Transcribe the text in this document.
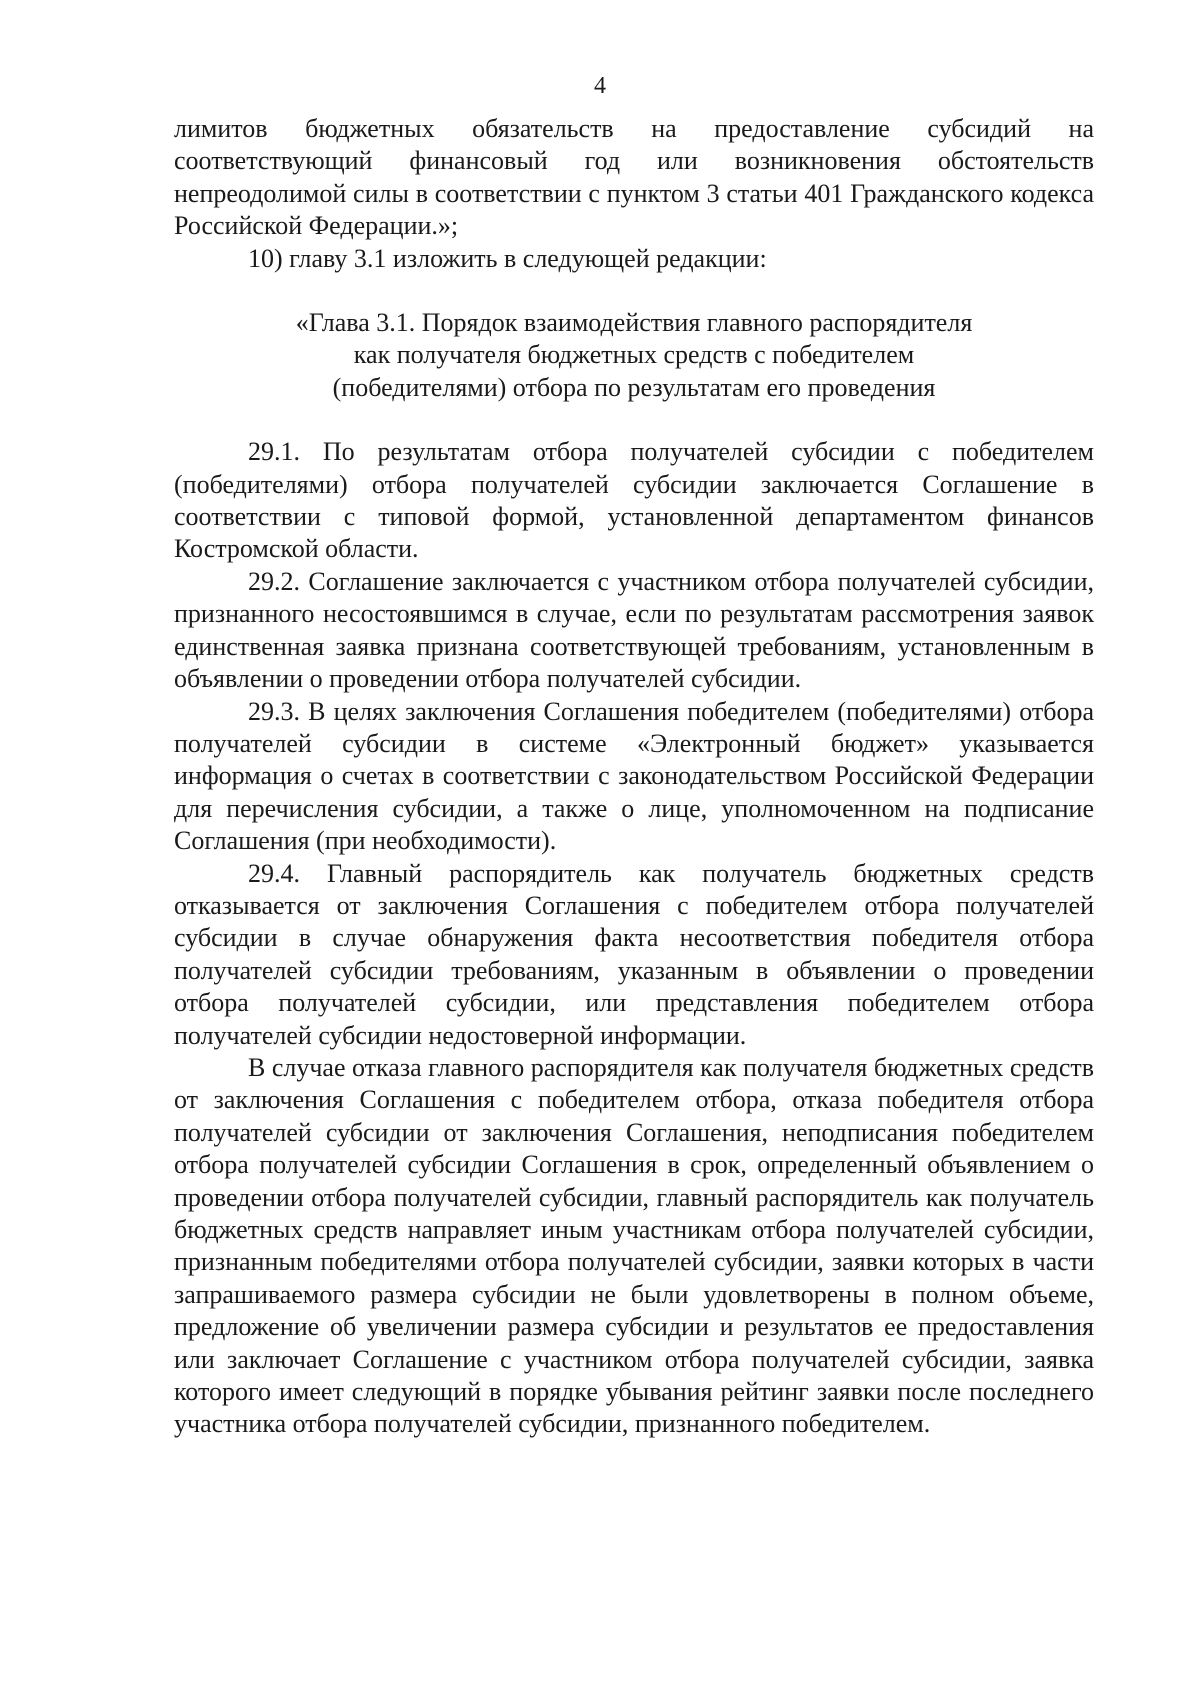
4

лимитов бюджетных обязательств на предоставление субсидий на соответствующий финансовый год или возникновения обстоятельств непреодолимой силы в соответствии с пунктом 3 статьи 401 Гражданского кодекса Российской Федерации.»;

10) главу 3.1 изложить в следующей редакции:

«Глава 3.1. Порядок взаимодействия главного распорядителя
как получателя бюджетных средств с победителем
(победителями) отбора по результатам его проведения

29.1. По результатам отбора получателей субсидии с победителем (победителями) отбора получателей субсидии заключается Соглашение в соответствии с типовой формой, установленной департаментом финансов Костромской области.

29.2. Соглашение заключается с участником отбора получателей субсидии, признанного несостоявшимся в случае, если по результатам рассмотрения заявок единственная заявка признана соответствующей требованиям, установленным в объявлении о проведении отбора получателей субсидии.

29.3. В целях заключения Соглашения победителем (победителями) отбора получателей субсидии в системе «Электронный бюджет» указывается информация о счетах в соответствии с законодательством Российской Федерации для перечисления субсидии, а также о лице, уполномоченном на подписание Соглашения (при необходимости).

29.4. Главный распорядитель как получатель бюджетных средств отказывается от заключения Соглашения с победителем отбора получателей субсидии в случае обнаружения факта несоответствия победителя отбора получателей субсидии требованиям, указанным в объявлении о проведении отбора получателей субсидии, или представления победителем отбора получателей субсидии недостоверной информации.

В случае отказа главного распорядителя как получателя бюджетных средств от заключения Соглашения с победителем отбора, отказа победителя отбора получателей субсидии от заключения Соглашения, неподписания победителем отбора получателей субсидии Соглашения в срок, определенный объявлением о проведении отбора получателей субсидии, главный распорядитель как получатель бюджетных средств направляет иным участникам отбора получателей субсидии, признанным победителями отбора получателей субсидии, заявки которых в части запрашиваемого размера субсидии не были удовлетворены в полном объеме, предложение об увеличении размера субсидии и результатов ее предоставления или заключает Соглашение с участником отбора получателей субсидии, заявка которого имеет следующий в порядке убывания рейтинг заявки после последнего участника отбора получателей субсидии, признанного победителем.
